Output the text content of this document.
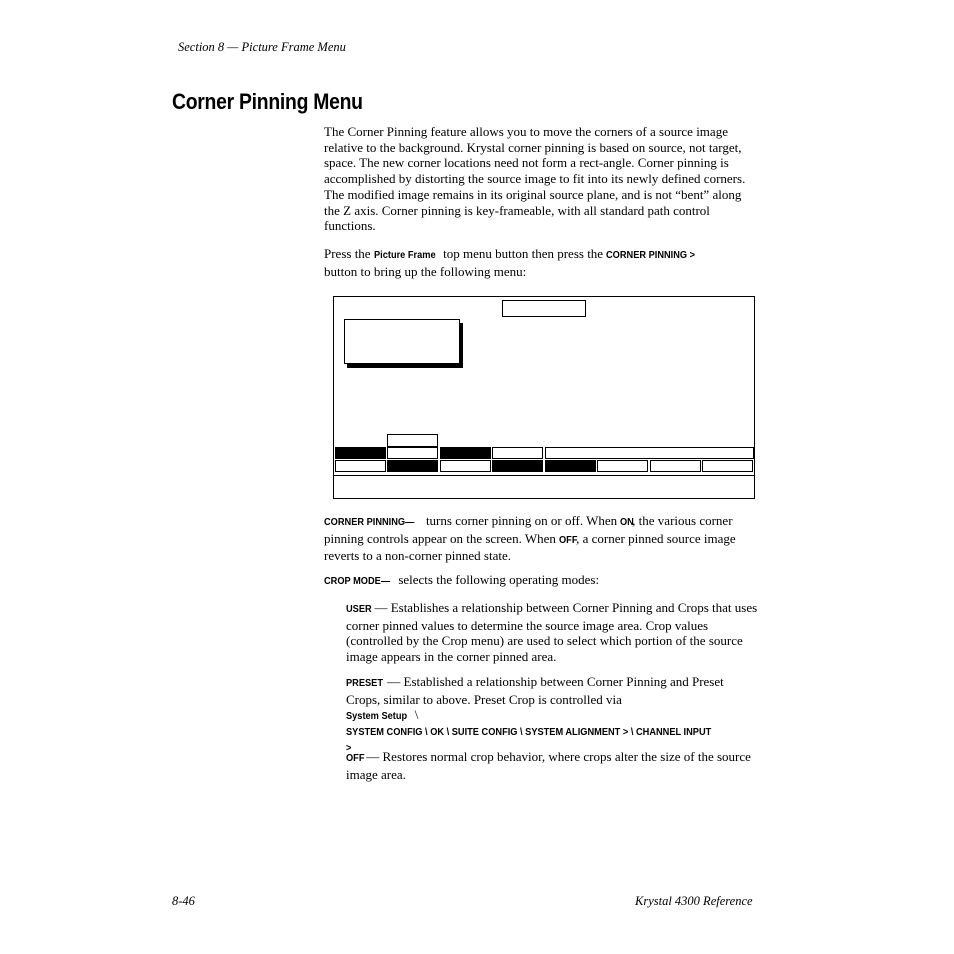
Section 8 — Picture Frame Menu
Corner Pinning Menu

The Corner Pinning feature allows you to move the corners of a source image relative to the background. Krystal corner pinning is based on source, not target, space. The new corner locations need not form a rect-angle. Corner pinning is accomplished by distorting the source image to fit into its newly defined corners. The modified image remains in its original source plane, and is not “bent” along the Z axis. Corner pinning is key-frameable, with all standard path control functions.

Press the Picture Frame top menu button then press the CORNER PINNING >
button to bring up the following menu:

CORNER PINNING— turns corner pinning on or off. When ON, the various corner pinning controls appear on the screen. When OFF, a corner pinned source image reverts to a non-corner pinned state.

CROP MODE— selects the following operating modes:

USER — Establishes a relationship between Corner Pinning and Crops that uses corner pinned values to determine the source image area. Crop values (controlled by the Crop menu) are used to select which portion of the source image appears in the corner pinned area.

PRESET — Established a relationship between Corner Pinning and Preset Crops, similar to above. Preset Crop is controlled via
System Setup \ SYSTEM CONFIG \ OK \ SUITE CONFIG \ SYSTEM ALIGNMENT > \ CHANNEL INPUT >

OFF — Restores normal crop behavior, where crops alter the size of the source image area.

8-46	Krystal 4300 Reference
